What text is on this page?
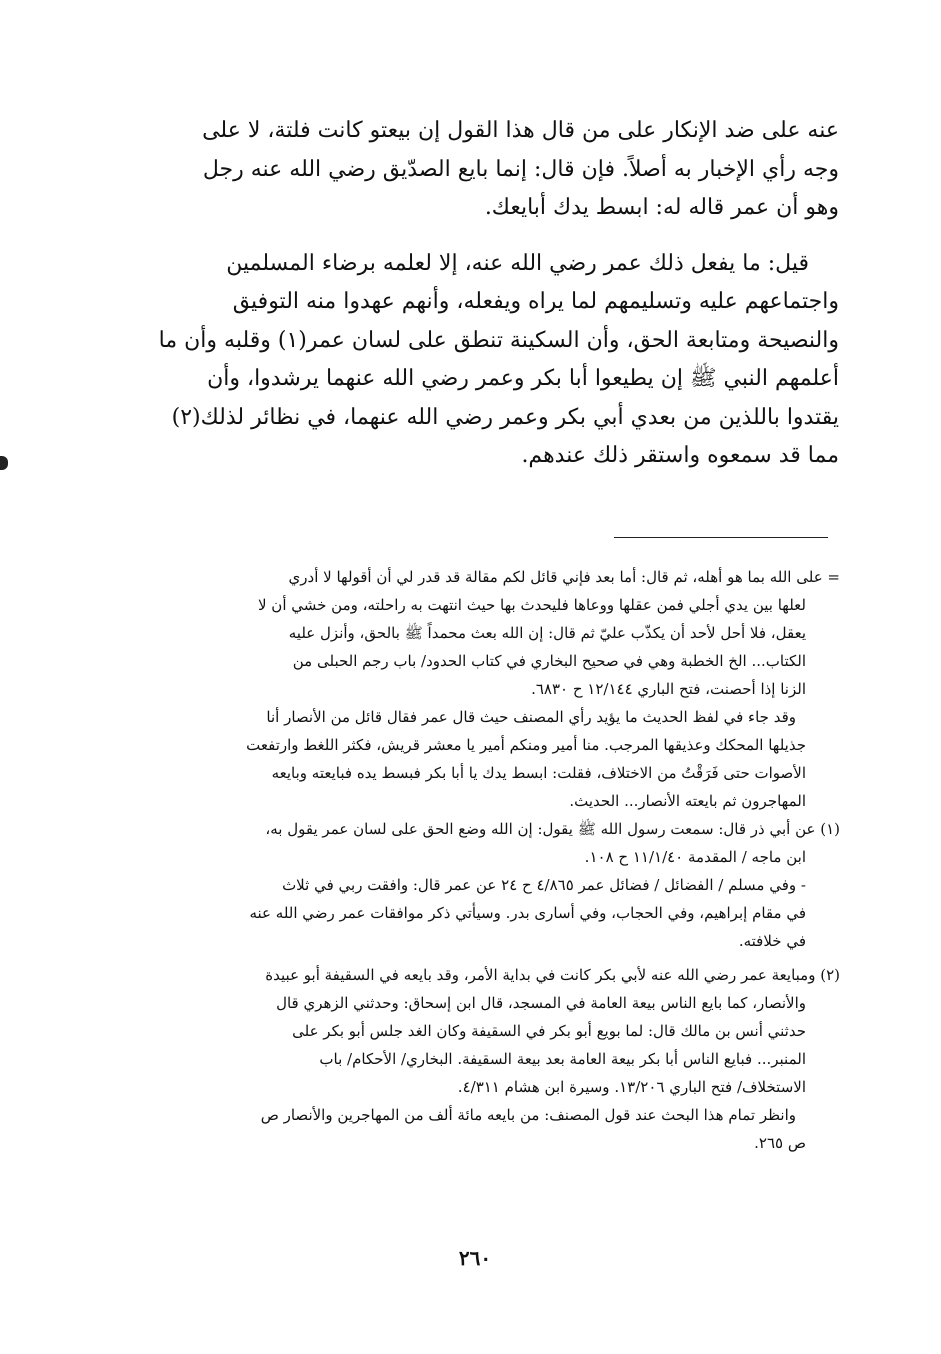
عنه على ضد الإنكار على من قال هذا القول إن بيعتو كانت فلتة، لا على
وجه رأي الإخبار به أصلاً. فإن قال: إنما بايع الصدّيق رضي الله عنه رجل
وهو أن عمر قاله له: ابسط يدك أبايعك.
قيل: ما يفعل ذلك عمر رضي الله عنه، إلا لعلمه برضاء المسلمين
واجتماعهم عليه وتسليمهم لما يراه ويفعله، وأنهم عهدوا منه التوفيق
والنصيحة ومتابعة الحق، وأن السكينة تنطق على لسان عمر(١) وقلبه وأن ما
أعلمهم النبي ﷺ إن يطيعوا أبا بكر وعمر رضي الله عنهما يرشدوا، وأن
يقتدوا باللذين من بعدي أبي بكر وعمر رضي الله عنهما، في نظائر لذلك(٢)
مما قد سمعوه واستقر ذلك عندهم.
= على الله بما هو أهله، ثم قال: أما بعد فإني قائل لكم مقالة قد قدر لي أن أقولها لا أدري
لعلها بين يدي أجلي فمن عقلها ووعاها فليحدث بها حيث انتهت به راحلته، ومن خشي أن لا
يعقل، فلا أحل لأحد أن يكذّب عليّ ثم قال: إن الله بعث محمداً ﷺ بالحق، وأنزل عليه
الكتاب... الخ الخطبة وهي في صحيح البخاري في كتاب الحدود/ باب رجم الحبلى من
الزنا إذا أحصنت، فتح الباري ١٢/١٤٤ ح ٦٨٣٠.
وقد جاء في لفظ الحديث ما يؤيد رأي المصنف حيث قال عمر فقال قائل من الأنصار أنا
جذيلها المحكك وعذيقها المرجب. منا أمير ومنكم أمير يا معشر قريش، فكثر اللغط وارتفعت
الأصوات حتى فَرَقْتُ من الاختلاف، فقلت: ابسط يدك يا أبا بكر فبسط يده فبايعته وبايعه
المهاجرون ثم بايعته الأنصار... الحديث.
(١) عن أبي ذر قال: سمعت رسول الله ﷺ يقول: إن الله وضع الحق على لسان عمر يقول به،
ابن ماجه / المقدمة ١١/١/٤٠ ح ١٠٨.
- وفي مسلم / الفضائل / فضائل عمر ٤/٨٦٥ ح ٢٤ عن عمر قال: وافقت ربي في ثلاث
في مقام إبراهيم، وفي الحجاب، وفي أسارى بدر. وسيأتي ذكر موافقات عمر رضي الله عنه
في خلافته.
(٢) ومبايعة عمر رضي الله عنه لأبي بكر كانت في بداية الأمر، وقد بايعه في السقيفة أبو عبيدة
والأنصار، كما بايع الناس بيعة العامة في المسجد، قال ابن إسحاق: وحدثني الزهري قال
حدثني أنس بن مالك قال: لما بويع أبو بكر في السقيفة وكان الغد جلس أبو بكر على
المنبر... فبايع الناس أبا بكر بيعة العامة بعد بيعة السقيفة. البخاري/ الأحكام/ باب
الاستخلاف/ فتح الباري ١٣/٢٠٦. وسيرة ابن هشام ٤/٣١١.
وانظر تمام هذا البحث عند قول المصنف: من بايعه مائة ألف من المهاجرين والأنصار ص
ص ٢٦٥.
٢٦٠
